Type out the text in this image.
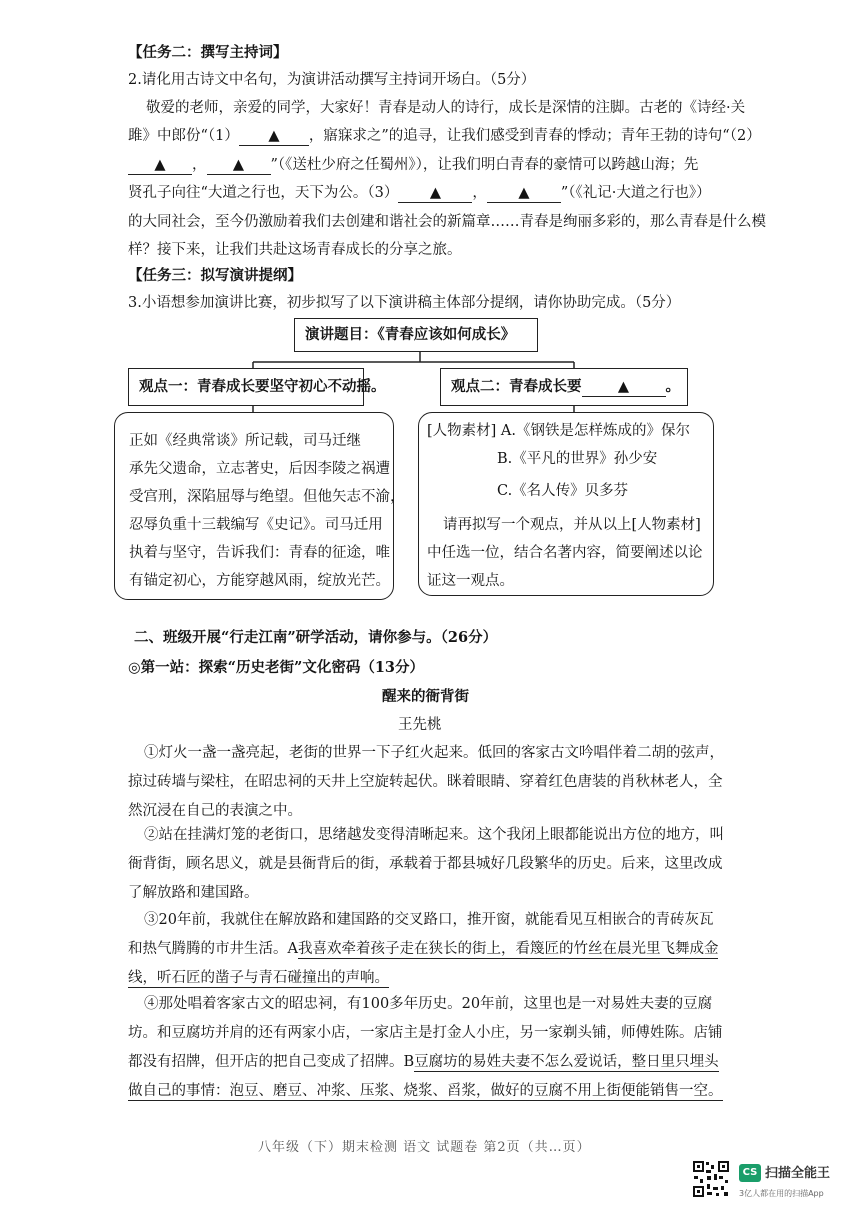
【任务二：撰写主持词】
2.请化用古诗文中名句，为演讲活动撰写主持词开场白。（5分）
敬爱的老师，亲爱的同学，大家好！青春是动人的诗行，成长是深情的注脚。古老的《诗经·关
雎》中郎份“（1） ▲ ，寤寐求之”的追寻，让我们感受到青春的悸动；青年王勃的诗句“（2）
▲ ， ▲ ”（《送杜少府之任蜀州》），让我们明白青春的豪情可以跨越山海；先
贤孔子向往“大道之行也，天下为公。（3） ▲ ， ▲ ”（《礼记·大道之行也》）
的大同社会，至今仍激励着我们去创建和谐社会的新篇章……青春是绚丽多彩的，那么青春是什么模
样？接下来，让我们共赴这场青春成长的分享之旅。
【任务三：拟写演讲提纲】
3.小语想参加演讲比赛，初步拟写了以下演讲稿主体部分提纲，请你协助完成。（5分）
演讲题目：《青春应该如何成长》
观点一：青春成长要坚守初心不动摇。	观点二：青春成长要	▲	。
正如《经典常谈》所记载，司马迁继
承先父遗命，立志著史，后因李陵之祸遭
受宫刑，深陷屈辱与绝望。但他矢志不渝，
忍辱负重十三载编写《史记》。司马迁用
执着与坚守，告诉我们：青春的征途，唯
有锚定初心，方能穿越风雨，绽放光芒。
[人物素材] A.《钢铁是怎样炼成的》保尔
B.《平凡的世界》孙少安
C.《名人传》贝多芬
请再拟写一个观点，并从以上[人物素材]
中任选一位，结合名著内容，简要阐述以论
证这一观点。
二、班级开展“行走江南”研学活动，请你参与。（26分）
◎第一站：探索“历史老街”文化密码（13分）
醒来的衙背街
王先桃
①灯火一盏一盏亮起，老街的世界一下子红火起来。低回的客家古文吟唱伴着二胡的弦声，
掠过砖墙与梁柱，在昭忠祠的天井上空旋转起伏。眯着眼睛、穿着红色唐装的肖秋林老人，全
然沉浸在自己的表演之中。
②站在挂满灯笼的老街口，思绪越发变得清晰起来。这个我闭上眼都能说出方位的地方，叫
衙背街，顾名思义，就是县衙背后的街，承载着于都县城好几段繁华的历史。后来，这里改成
了解放路和建国路。
③20年前，我就住在解放路和建国路的交叉路口，推开窗，就能看见互相嵌合的青砖灰瓦
和热气腾腾的市井生活。A我喜欢牵着孩子走在狭长的街上，看篾匠的竹丝在晨光里飞舞成金
线，听石匠的凿子与青石碰撞出的声响。
④那处唱着客家古文的昭忠祠，有100多年历史。20年前，这里也是一对易姓夫妻的豆腐
坊。和豆腐坊并肩的还有两家小店，一家店主是打金人小庄，另一家剃头铺，师傅姓陈。店铺
都没有招牌，但开店的把自己变成了招牌。B豆腐坊的易姓夫妻不怎么爱说话，整日里只埋头
做自己的事情：泡豆、磨豆、冲浆、压浆、烧浆、舀浆，做好的豆腐不用上街便能销售一空。
八年级（下）期末检测 语文 试题卷 第2页（共…页）
CS 扫描全能王
3亿人都在用的扫描App
